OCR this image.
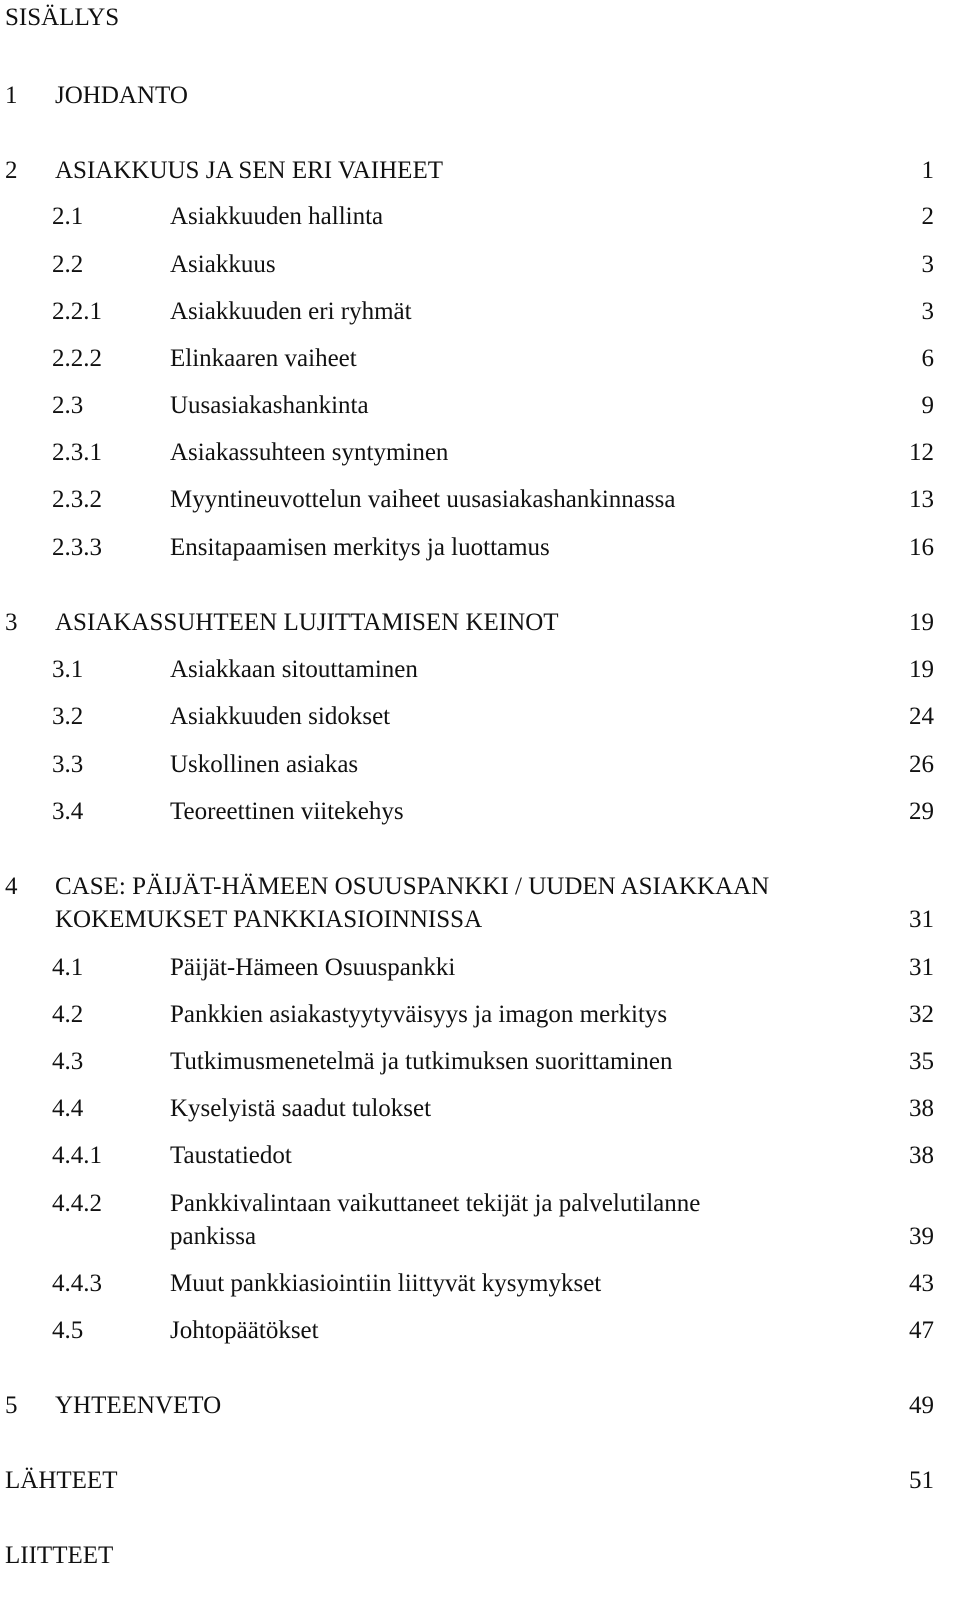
SISÄLLYS
1 JOHDANTO
2 ASIAKKUUS JA SEN ERI VAIHEET	1
2.1	Asiakkuuden hallinta	2
2.2	Asiakkuus	3
2.2.1	Asiakkuuden eri ryhmät	3
2.2.2	Elinkaaren vaiheet	6
2.3	Uusasiakashankinta	9
2.3.1	Asiakassuhteen syntyminen	12
2.3.2	Myyntineuvottelun vaiheet uusasiakashankinnassa	13
2.3.3	Ensitapaamisen merkitys ja luottamus	16
3 ASIAKASSUHTEEN LUJITTAMISEN KEINOT	19
3.1	Asiakkaan sitouttaminen	19
3.2	Asiakkuuden sidokset	24
3.3	Uskollinen asiakas	26
3.4	Teoreettinen viitekehys	29
4 CASE: PÄIJÄT-HÄMEEN OSUUSPANKKI / UUDEN ASIAKKAAN
KOKEMUKSET PANKKIASIOINNISSA	31
4.1	Päijät-Hämeen Osuuspankki	31
4.2	Pankkien asiakastyytyväisyys ja imagon merkitys	32
4.3	Tutkimusmenetelmä ja tutkimuksen suorittaminen	35
4.4	Kyselyistä saadut tulokset	38
4.4.1	Taustatiedot	38
4.4.2	Pankkivalintaan vaikuttaneet tekijät ja palvelutilanne
pankissa	39
4.4.3	Muut pankkiasiointiin liittyvät kysymykset	43
4.5	Johtopäätökset	47
5 YHTEENVETO	49
LÄHTEET	51
LIITTEET
